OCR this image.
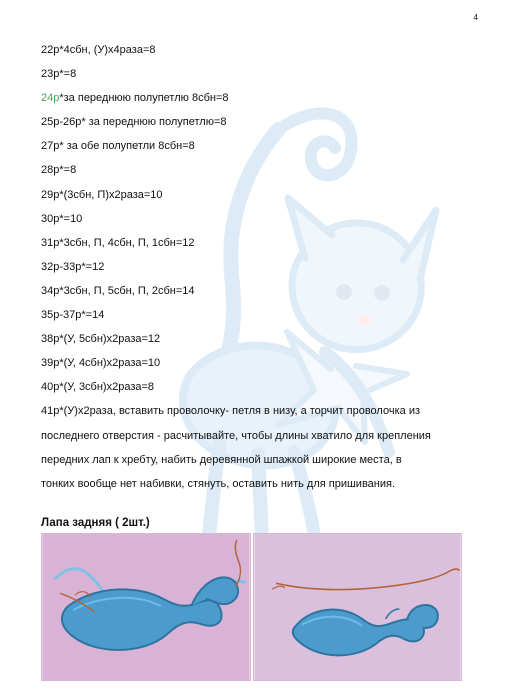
4
22р*4сбн, (У)х4раза=8
23р*=8
24р*за переднюю полупетлю 8сбн=8
25р-26р* за переднюю полупетлю=8
27р* за обе полупетли 8сбн=8
28р*=8
29р*(3сбн, П)х2раза=10
30р*=10
31р*3сбн, П, 4сбн, П, 1сбн=12
32р-33р*=12
34р*3сбн, П, 5сбн, П, 2сбн=14
35р-37р*=14
38р*(У, 5сбн)х2раза=12
39р*(У, 4сбн)х2раза=10
40р*(У, 3сбн)х2раза=8
41р*(У)х2раза, вставить проволочку- петля в низу, а торчит проволочка из
последнего отверстия - расчитывайте, чтобы длины хватило для крепления
передних лап к хребту, набить деревянной шпажкой широкие места, в
тонких вообще нет набивки, стянуть, оставить нить для пришивания.
Лапа задняя ( 2шт.)
